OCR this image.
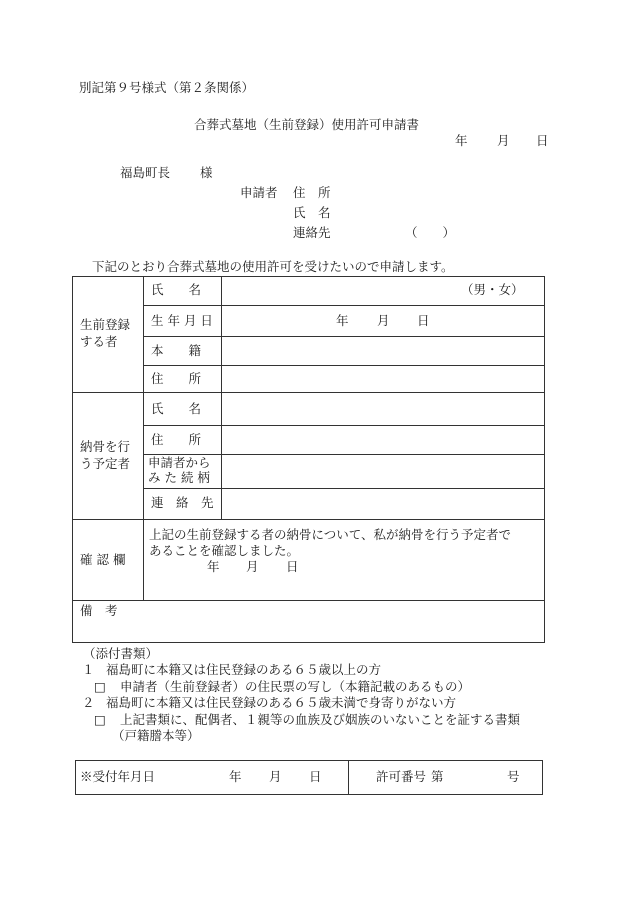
別記第９号様式（第２条関係）
合葬式墓地（生前登録）使用許可申請書
年 月 日
福島町長 様
申請者 住　所
氏　名
連絡先	（　　）
下記のとおり合葬式墓地の使用許可を受けたいので申請します。
生前登録
する者
氏　　名	（男・女）
生 年 月 日	年 月 日
本　　籍
住　　所
納骨を行
う予定者
氏　　名
住　　所
申請者から
み た 続 柄
連　絡　先
確 認 欄
上記の生前登録する者の納骨について、私が納骨を行う予定者で
あることを確認しました。
年 月 日
備　考
（添付書類）
１ 福島町に本籍又は住民登録のある６５歳以上の方
□ 申請者（生前登録者）の住民票の写し（本籍記載のあるもの）
２ 福島町に本籍又は住民登録のある６５歳未満で身寄りがない方
□ 上記書類に、配偶者、１親等の血族及び姻族のいないことを証する書類
（戸籍謄本等）
※受付年月日	年 月 日	許可番号 第	号
